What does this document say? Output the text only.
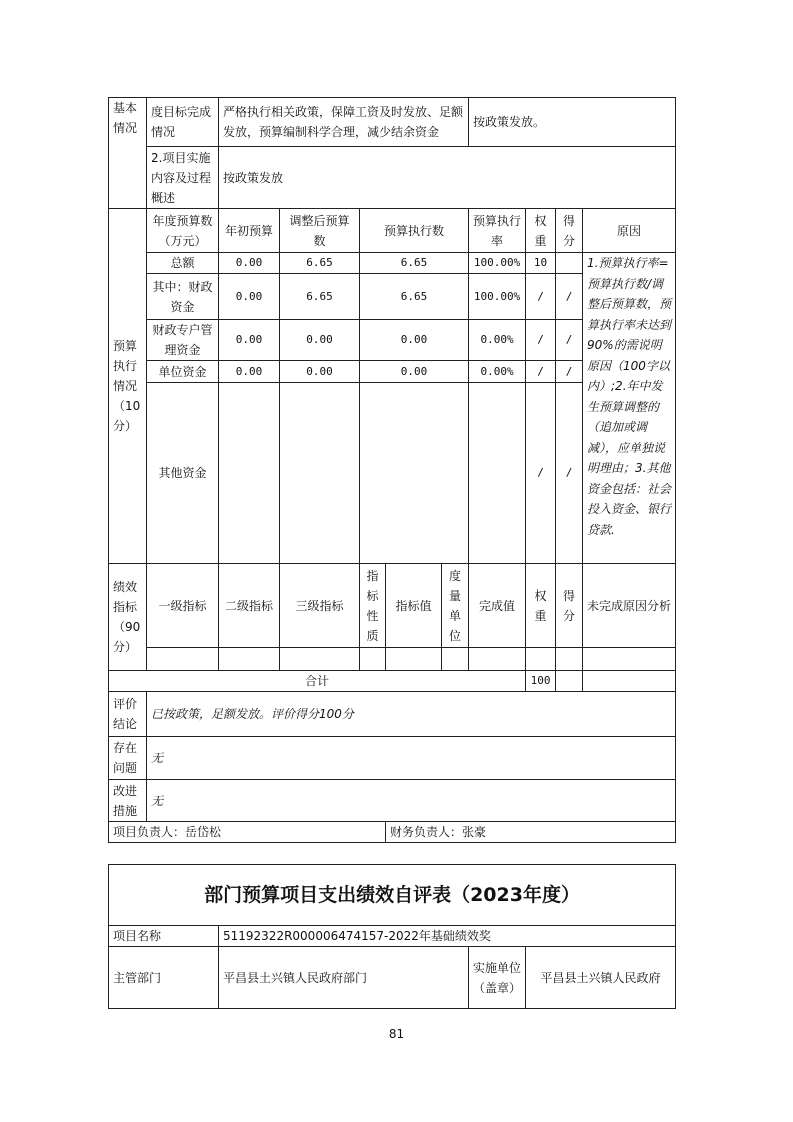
基本情况	度目标完成情况	严格执行相关政策，保障工资及时发放、足额发放，预算编制科学合理，减少结余资金					按政策发放。			
	2.项目实施内容及过程概述	按政策发放								
预算执行情况（10分）	年度预算数（万元）	年初预算	调整后预算数	预算执行数			预算执行率	权重	得分	原因
	总额	0.00	6.65	6.65			100.00%	10		1.预算执行率=预算执行数/调整后预算数，预算执行率未达到90%的需说明原因（100字以内）;2.年中发生预算调整的（追加或调减），应单独说明理由；3.其他资金包括：社会投入资金、银行贷款.
	其中：财政资金	0.00	6.65	6.65			100.00%	/	/	
	财政专户管理资金	0.00	0.00	0.00			0.00%	/	/	
	单位资金	0.00	0.00	0.00			0.00%	/	/	
	其他资金							/	/	
绩效指标（90分）	一级指标	二级指标	三级指标	指标性质	指标值	度量单位	完成值	权重	得分	未完成原因分析

合计								100		
评价结论	已按政策，足额发放。评价得分100分									
存在问题	无									
改进措施	无									
项目负责人：岳岱松					财务负责人：张豪					
部门预算项目支出绩效自评表（2023年度）			
项目名称	51192322R000006474157-2022年基础绩效奖		
主管部门	平昌县土兴镇人民政府部门	实施单位（盖章）	平昌县土兴镇人民政府
81
